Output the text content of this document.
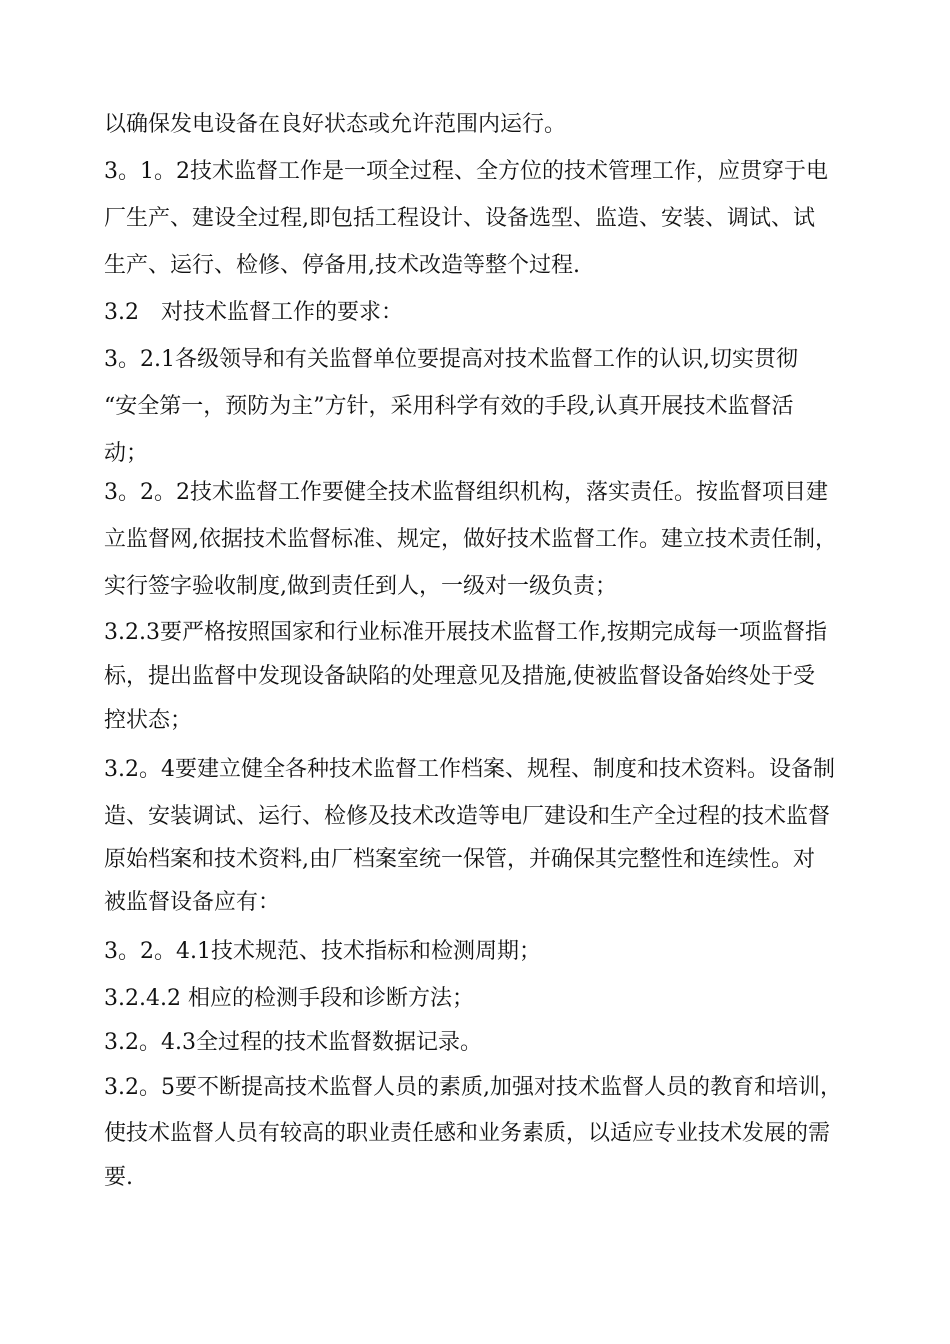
以确保发电设备在良好状态或允许范围内运行。
3。1。2技术监督工作是一项全过程、全方位的技术管理工作，应贯穿于电
厂生产、建设全过程,即包括工程设计、设备选型、监造、安装、调试、试
生产、运行、检修、停备用,技术改造等整个过程.
3.2　对技术监督工作的要求：
3。2.1各级领导和有关监督单位要提高对技术监督工作的认识,切实贯彻
“安全第一，预防为主”方针，采用科学有效的手段,认真开展技术监督活
动；
3。2。2技术监督工作要健全技术监督组织机构，落实责任。按监督项目建
立监督网,依据技术监督标准、规定，做好技术监督工作。建立技术责任制，
实行签字验收制度,做到责任到人，一级对一级负责；
3.2.3要严格按照国家和行业标准开展技术监督工作,按期完成每一项监督指
标，提出监督中发现设备缺陷的处理意见及措施,使被监督设备始终处于受
控状态；
3.2。4要建立健全各种技术监督工作档案、规程、制度和技术资料。设备制
造、安装调试、运行、检修及技术改造等电厂建设和生产全过程的技术监督
原始档案和技术资料,由厂档案室统一保管，并确保其完整性和连续性。对
被监督设备应有：
3。2。4.1技术规范、技术指标和检测周期；
3.2.4.2 相应的检测手段和诊断方法；
3.2。4.3全过程的技术监督数据记录。
3.2。5要不断提高技术监督人员的素质,加强对技术监督人员的教育和培训，
使技术监督人员有较高的职业责任感和业务素质，以适应专业技术发展的需
要.
